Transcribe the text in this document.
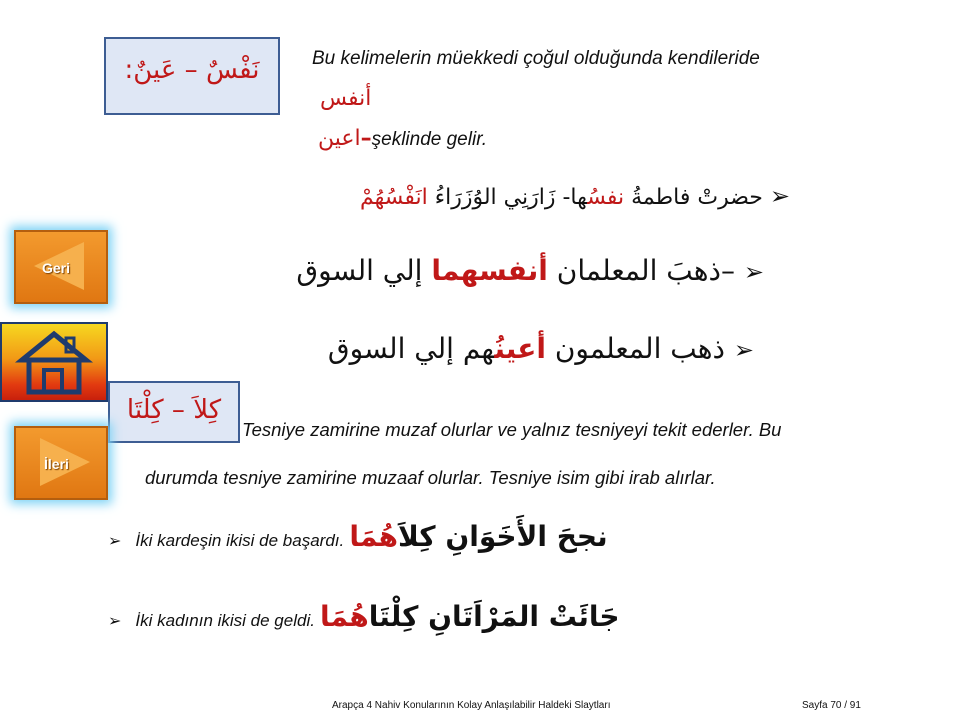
نَفْسٌ – عَينٌ:	Bu kelimelerin müekkedi çoğul olduğunda kendileride
أنفس
اعين–şeklinde gelir.
➢ حضرتْ فاطمةُ نفسُها- زَارَنِي الوُزَرَاءُ انَفْسُهُمْ
➢ –ذهبَ المعلمان أنفسهما إلي السوق
➢ ذهب المعلمون أعينُهم إلي السوق
كِلاَ – كِلْتَا
Tesniye zamirine muzaf olurlar ve yalnız tesniyeyi tekit ederler. Bu
durumda tesniye zamirine muzaaf olurlar. Tesniye isim gibi irab alırlar.
➢ İki kardeşin ikisi de başardı. نجحَ الأَخَوَانِ كِلاَهُمَا
➢ İki kadının ikisi de geldi. جَائَتْ المَرْاَتَانِ كِلْتَاهُمَا
Geri
İleri
Arapça 4 Nahiv Konularının Kolay Anlaşılabilir Haldeki Slaytları	Sayfa 70 / 91
